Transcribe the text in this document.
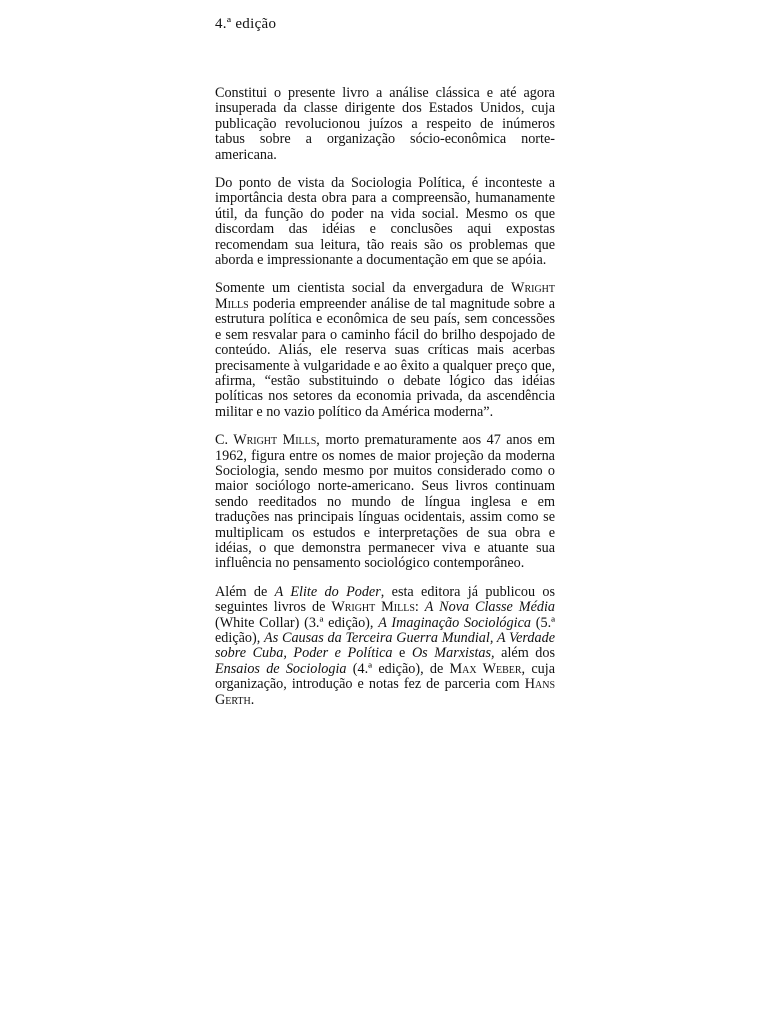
4.ª edição

Constitui o presente livro a análise clássica e até agora insuperada da classe dirigente dos Estados Unidos, cuja publicação revolucionou juízos a respeito de inúmeros tabus sobre a organização sócio-econômica norte-americana.

Do ponto de vista da Sociologia Política, é inconteste a importância desta obra para a compreensão, humanamente útil, da função do poder na vida social. Mesmo os que discordam das idéias e conclusões aqui expostas recomendam sua leitura, tão reais são os problemas que aborda e impressionante a documentação em que se apóia.

Somente um cientista social da envergadura de Wright Mills poderia empreender análise de tal magnitude sobre a estrutura política e econômica de seu país, sem concessões e sem resvalar para o caminho fácil do brilho despojado de conteúdo. Aliás, ele reserva suas críticas mais acerbas precisamente à vulgaridade e ao êxito a qualquer preço que, afirma, “estão substituindo o debate lógico das idéias políticas nos setores da economia privada, da ascendência militar e no vazio político da América moderna”.

C. Wright Mills, morto prematuramente aos 47 anos em 1962, figura entre os nomes de maior projeção da moderna Sociologia, sendo mesmo por muitos considerado como o maior sociólogo norte-americano. Seus livros continuam sendo reeditados no mundo de língua inglesa e em traduções nas principais línguas ocidentais, assim como se multiplicam os estudos e interpretações de sua obra e idéias, o que demonstra permanecer viva e atuante sua influência no pensamento sociológico contemporâneo.

Além de A Elite do Poder, esta editora já publicou os seguintes livros de Wright Mills: A Nova Classe Média (White Collar) (3.ª edição), A Imaginação Sociológica (5.ª edição), As Causas da Terceira Guerra Mundial, A Verdade sobre Cuba, Poder e Política e Os Marxistas, além dos Ensaios de Sociologia (4.ª edição), de Max Weber, cuja organização, introdução e notas fez de parceria com Hans Gerth.
